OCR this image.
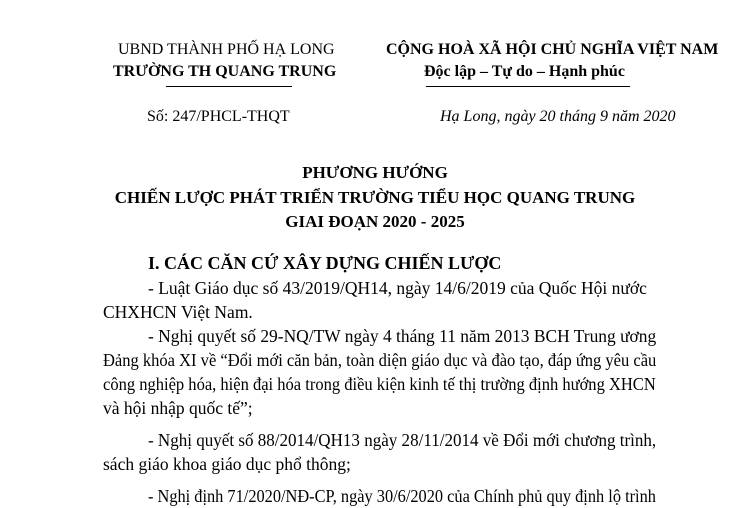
UBND THÀNH PHỐ HẠ LONG
TRƯỜNG TH QUANG TRUNG
CỘNG HOÀ XÃ HỘI CHỦ NGHĨA VIỆT NAM
Độc lập – Tự do – Hạnh phúc
Số: 247/PHCL-THQT	Hạ Long, ngày 20 tháng 9 năm 2020
PHƯƠNG HƯỚNG
CHIẾN LƯỢC PHÁT TRIỂN TRƯỜNG TIỂU HỌC QUANG TRUNG
GIAI ĐOẠN 2020 - 2025
I. CÁC CĂN CỨ XÂY DỰNG CHIẾN LƯỢC
- Luật Giáo dục số 43/2019/QH14, ngày 14/6/2019 của Quốc Hội nước
CHXHCN Việt Nam.
- Nghị quyết số 29-NQ/TW ngày 4 tháng 11 năm 2013 BCH Trung ương
Đảng khóa XI về “Đổi mới căn bản, toàn diện giáo dục và đào tạo, đáp ứng yêu cầu
công nghiệp hóa, hiện đại hóa trong điều kiện kinh tế thị trường định hướng XHCN
và hội nhập quốc tế”;
- Nghị quyết số 88/2014/QH13 ngày 28/11/2014 về Đổi mới chương trình,
sách giáo khoa giáo dục phổ thông;
- Nghị định 71/2020/NĐ-CP, ngày 30/6/2020 của Chính phủ quy định lộ trình
